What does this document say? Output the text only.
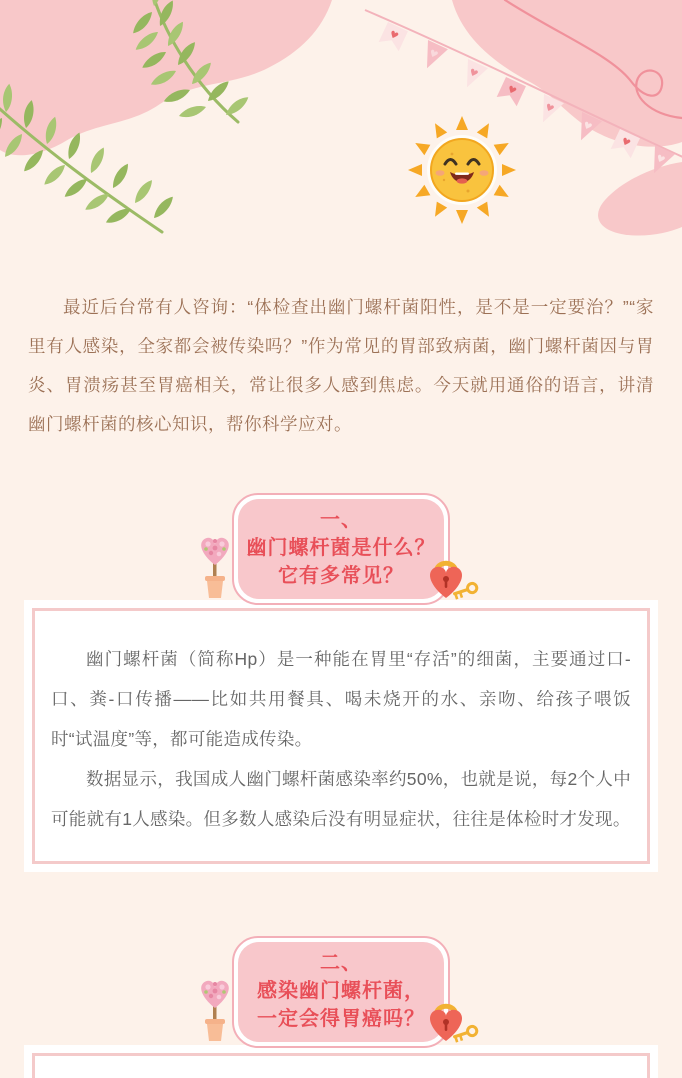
最近后台常有人咨询：“体检查出幽门螺杆菌阳性，是不是一定要治？”“家里有人感染，全家都会被传染吗？”作为常见的胃部致病菌，幽门螺杆菌因与胃炎、胃溃疡甚至胃癌相关，常让很多人感到焦虑。今天就用通俗的语言，讲清幽门螺杆菌的核心知识，帮你科学应对。

一、
幽门螺杆菌是什么？
它有多常见？

幽门螺杆菌（简称Hp）是一种能在胃里“存活”的细菌，主要通过口-口、粪-口传播——比如共用餐具、喝未烧开的水、亲吻、给孩子喂饭时“试温度”等，都可能造成传染。

数据显示，我国成人幽门螺杆菌感染率约50%，也就是说，每2个人中可能就有1人感染。但多数人感染后没有明显症状，往往是体检时才发现。

二、
感染幽门螺杆菌，
一定会得胃癌吗？
